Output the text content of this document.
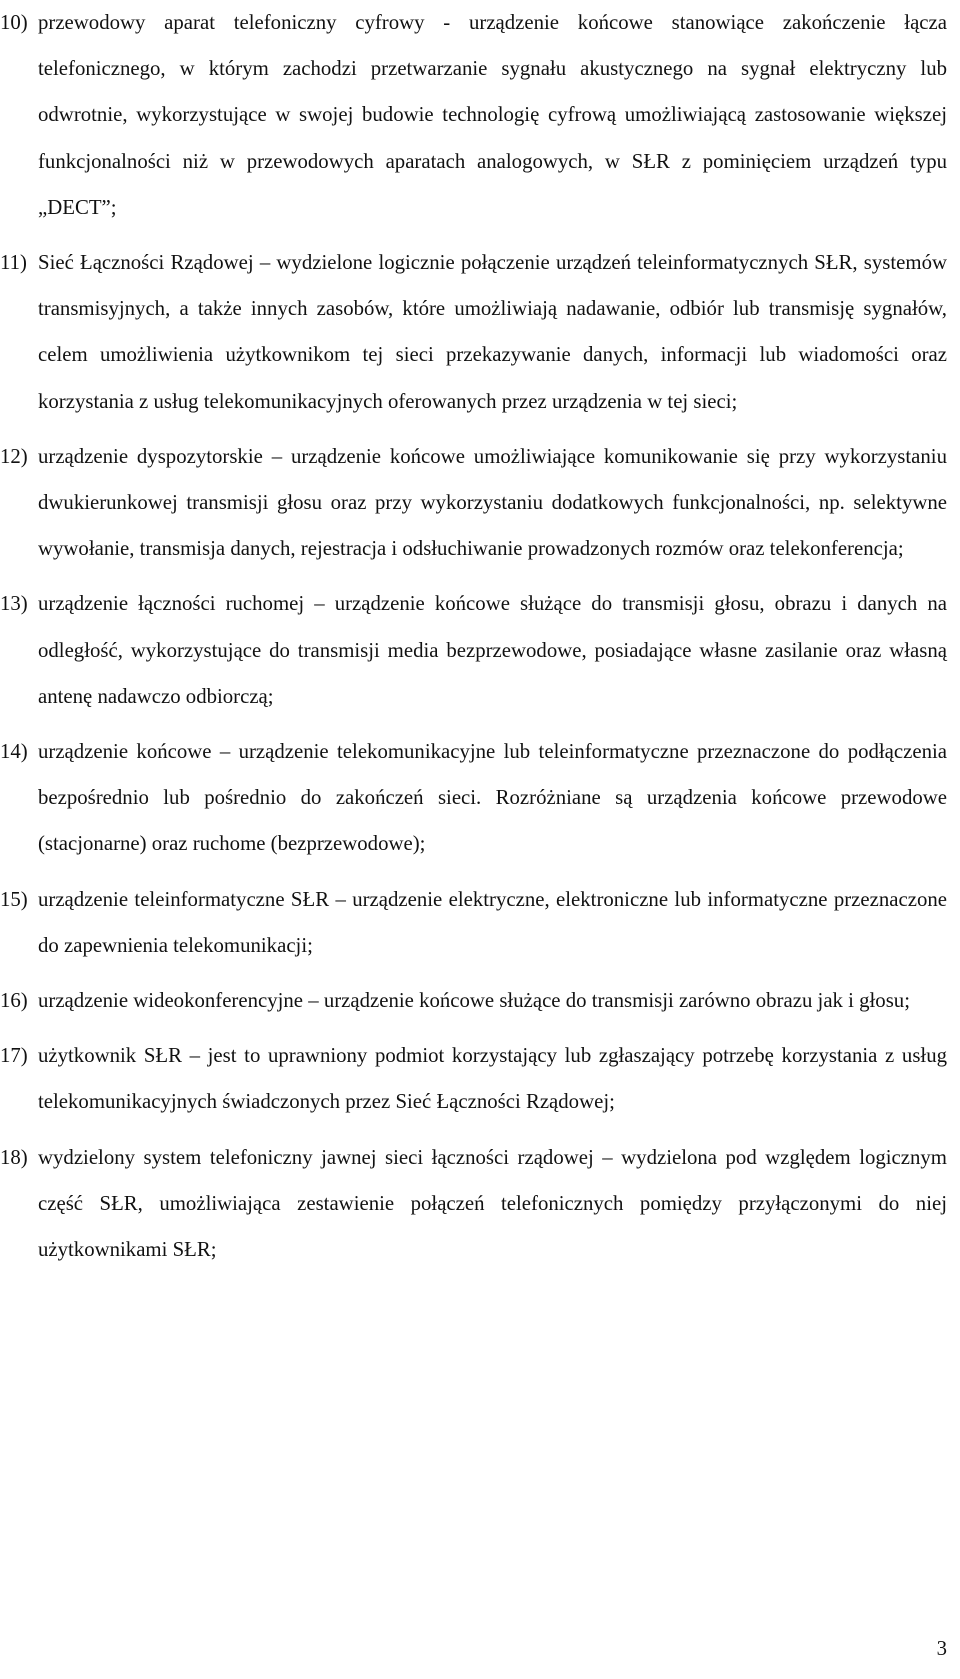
10) przewodowy aparat telefoniczny cyfrowy - urządzenie końcowe stanowiące zakończenie łącza telefonicznego, w którym zachodzi przetwarzanie sygnału akustycznego na sygnał elektryczny lub odwrotnie, wykorzystujące w swojej budowie technologię cyfrową umożliwiającą zastosowanie większej funkcjonalności niż w przewodowych aparatach analogowych, w SŁR z pominięciem urządzeń typu „DECT”;
11) Sieć Łączności Rządowej – wydzielone logicznie połączenie urządzeń teleinformatycznych SŁR, systemów transmisyjnych, a także innych zasobów, które umożliwiają nadawanie, odbiór lub transmisję sygnałów, celem umożliwienia użytkownikom tej sieci przekazywanie danych, informacji lub wiadomości oraz korzystania z usług telekomunikacyjnych oferowanych przez urządzenia w tej sieci;
12) urządzenie dyspozytorskie – urządzenie końcowe umożliwiające komunikowanie się przy wykorzystaniu dwukierunkowej transmisji głosu oraz przy wykorzystaniu dodatkowych funkcjonalności, np. selektywne wywołanie, transmisja danych, rejestracja i odsłuchiwanie prowadzonych rozmów oraz telekonferencja;
13) urządzenie łączności ruchomej – urządzenie końcowe służące do transmisji głosu, obrazu i danych na odległość, wykorzystujące do transmisji media bezprzewodowe, posiadające własne zasilanie oraz własną antenę nadawczo odbiorczą;
14) urządzenie końcowe – urządzenie telekomunikacyjne lub teleinformatyczne przeznaczone do podłączenia bezpośrednio lub pośrednio do zakończeń sieci. Rozróżniane są urządzenia końcowe przewodowe (stacjonarne) oraz ruchome (bezprzewodowe);
15) urządzenie teleinformatyczne SŁR – urządzenie elektryczne, elektroniczne lub informatyczne przeznaczone do zapewnienia telekomunikacji;
16) urządzenie wideokonferencyjne – urządzenie końcowe służące do transmisji zarówno obrazu jak i głosu;
17) użytkownik SŁR – jest to uprawniony podmiot korzystający lub zgłaszający potrzebę korzystania z usług telekomunikacyjnych świadczonych przez Sieć Łączności Rządowej;
18) wydzielony system telefoniczny jawnej sieci łączności rządowej – wydzielona pod względem logicznym część SŁR, umożliwiająca zestawienie połączeń telefonicznych pomiędzy przyłączonymi do niej użytkownikami SŁR;
3
